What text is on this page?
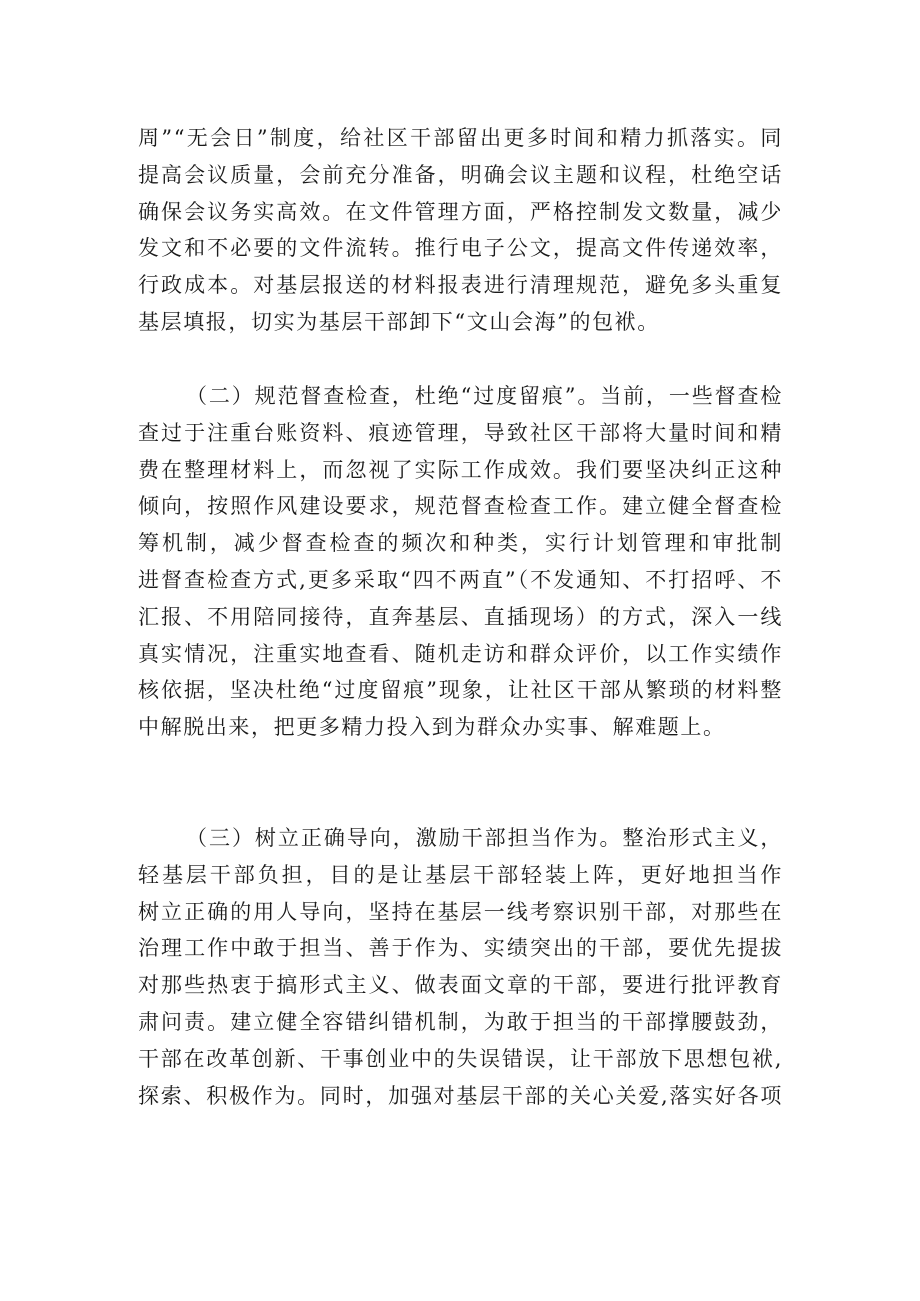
周”“无会日”制度，给社区干部留出更多时间和精力抓落实。同
提高会议质量，会前充分准备，明确会议主题和议程，杜绝空话
确保会议务实高效。在文件管理方面，严格控制发文数量，减少
发文和不必要的文件流转。推行电子公文，提高文件传递效率，
行政成本。对基层报送的材料报表进行清理规范，避免多头重复
基层填报，切实为基层干部卸下“文山会海”的包袱。
（二）规范督查检查，杜绝“过度留痕”。当前，一些督查检
查过于注重台账资料、痕迹管理，导致社区干部将大量时间和精
费在整理材料上，而忽视了实际工作成效。我们要坚决纠正这种
倾向，按照作风建设要求，规范督查检查工作。建立健全督查检
筹机制，减少督查检查的频次和种类，实行计划管理和审批制
进督查检查方式,更多采取“四不两直”（不发通知、不打招呼、不
汇报、不用陪同接待，直奔基层、直插现场）的方式，深入一线
真实情况，注重实地查看、随机走访和群众评价，以工作实绩作
核依据，坚决杜绝“过度留痕”现象，让社区干部从繁琐的材料整
中解脱出来，把更多精力投入到为群众办实事、解难题上。
（三）树立正确导向，激励干部担当作为。整治形式主义，
轻基层干部负担，目的是让基层干部轻装上阵，更好地担当作
树立正确的用人导向，坚持在基层一线考察识别干部，对那些在
治理工作中敢于担当、善于作为、实绩突出的干部，要优先提拔
对那些热衷于搞形式主义、做表面文章的干部，要进行批评教育
肃问责。建立健全容错纠错机制，为敢于担当的干部撑腰鼓劲，
干部在改革创新、干事创业中的失误错误，让干部放下思想包袱,
探索、积极作为。同时，加强对基层干部的关心关爱,落实好各项
